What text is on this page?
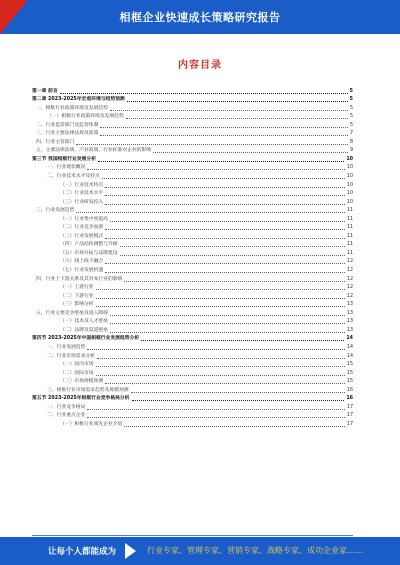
相框企业快速成长策略研究报告
内容目录
第一章 前言	5
第二章 2023-2025年宏观环境与趋势预测	5
一、相框行业政策环境及发展趋势	5
（一）相框行业政策环境及发展趋势	5
二、行业监管部门及监管体制	5
三、行业主要法律法规及政策	7
四、行业主管部门	8
五、主要法律法规、产业政策、行业标准对企业的影响	9
第三节 我国相框行业发展分析	10
一、行业现状概况	10
二、行业技术水平及特点	10
（一）行业技术特点	10
（二）行业技术水平	10
（三）行业研发投入	10
三、行业发展趋势	11
（一）行业集中度提高	11
（二）行业竞争加剧	11
（三）行业发展模式	11
（四）产品结构调整与升级	11
（五）市场开拓与品牌建设	11
（六）线上线下融合	12
（七）行业发展机遇	12
四、行业上下游关系及其对本行业的影响	12
（一）上游行业	12
（二）下游行业	12
（三）影响分析	13
五、行业主要竞争壁垒及进入障碍	13
（一）技术及人才壁垒	13
（二）品牌及渠道壁垒	13
第四节 2023-2025年中国相框行业发展趋势分析	14
一、行业发展趋势	14
二、行业市场需求分析	14
（一）国内市场	15
（二）国际市场	15
（三）市场规模预测	15
三、相框行业市场需求趋势及规模预测	16
第五节 2023-2025年相框行业竞争格局分析	16
一、行业竞争格局	17
二、行业重点企业	17
（一）相框行业领先企业介绍	17
让每个人都能成为	行业专家、管理专家、营销专家、战略专家、成功企业家……
